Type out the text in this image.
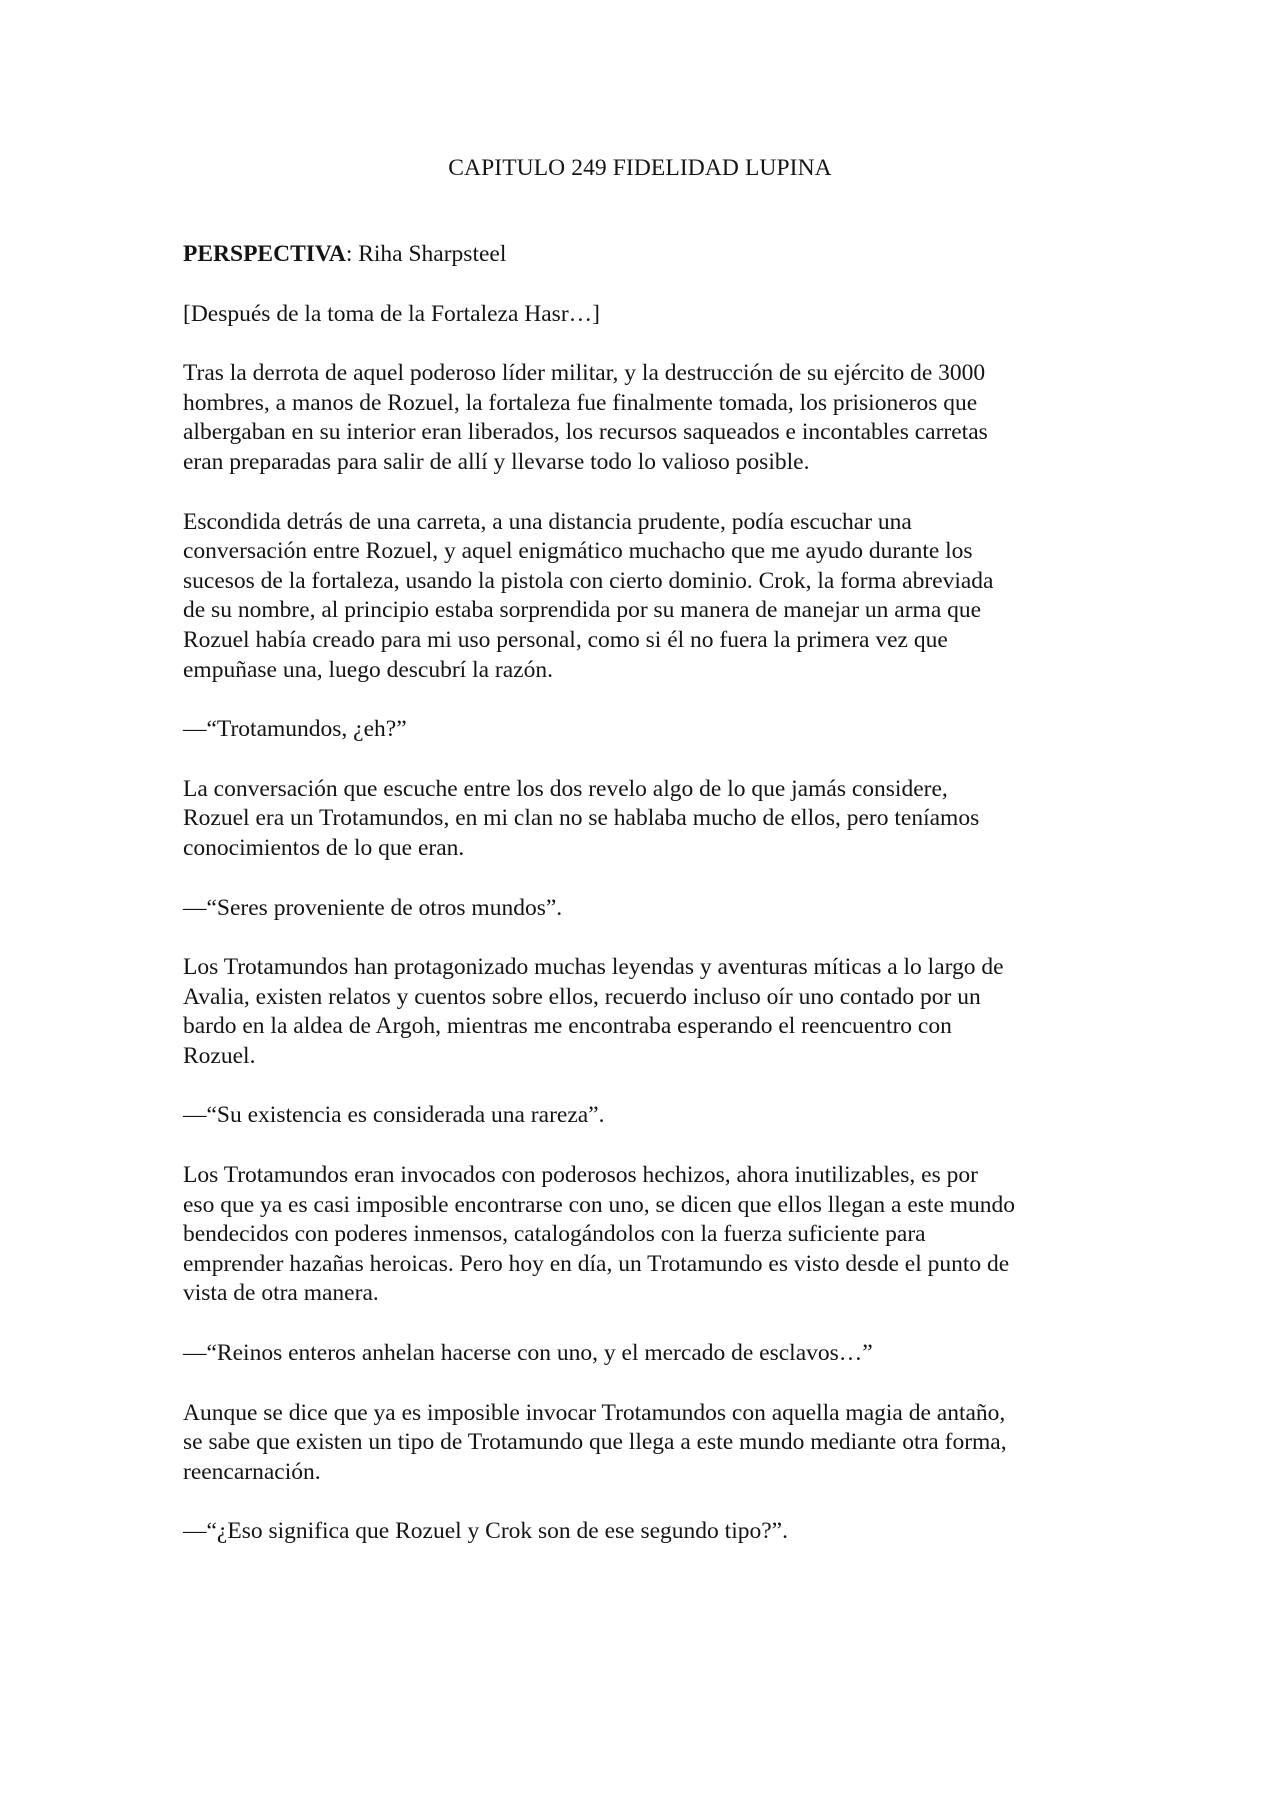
CAPITULO 249 FIDELIDAD LUPINA

PERSPECTIVA: Riha Sharpsteel

[Después de la toma de la Fortaleza Hasr…]

Tras la derrota de aquel poderoso líder militar, y la destrucción de su ejército de 3000
hombres, a manos de Rozuel, la fortaleza fue finalmente tomada, los prisioneros que
albergaban en su interior eran liberados, los recursos saqueados e incontables carretas
eran preparadas para salir de allí y llevarse todo lo valioso posible.

Escondida detrás de una carreta, a una distancia prudente, podía escuchar una
conversación entre Rozuel, y aquel enigmático muchacho que me ayudo durante los
sucesos de la fortaleza, usando la pistola con cierto dominio. Crok, la forma abreviada
de su nombre, al principio estaba sorprendida por su manera de manejar un arma que
Rozuel había creado para mi uso personal, como si él no fuera la primera vez que
empuñase una, luego descubrí la razón.

—“Trotamundos, ¿eh?”

La conversación que escuche entre los dos revelo algo de lo que jamás considere,
Rozuel era un Trotamundos, en mi clan no se hablaba mucho de ellos, pero teníamos
conocimientos de lo que eran.

—“Seres proveniente de otros mundos”.

Los Trotamundos han protagonizado muchas leyendas y aventuras míticas a lo largo de
Avalia, existen relatos y cuentos sobre ellos, recuerdo incluso oír uno contado por un
bardo en la aldea de Argoh, mientras me encontraba esperando el reencuentro con
Rozuel.

—“Su existencia es considerada una rareza”.

Los Trotamundos eran invocados con poderosos hechizos, ahora inutilizables, es por
eso que ya es casi imposible encontrarse con uno, se dicen que ellos llegan a este mundo
bendecidos con poderes inmensos, catalogándolos con la fuerza suficiente para
emprender hazañas heroicas. Pero hoy en día, un Trotamundo es visto desde el punto de
vista de otra manera.

—“Reinos enteros anhelan hacerse con uno, y el mercado de esclavos…”

Aunque se dice que ya es imposible invocar Trotamundos con aquella magia de antaño,
se sabe que existen un tipo de Trotamundo que llega a este mundo mediante otra forma,
reencarnación.

—“¿Eso significa que Rozuel y Crok son de ese segundo tipo?”.
